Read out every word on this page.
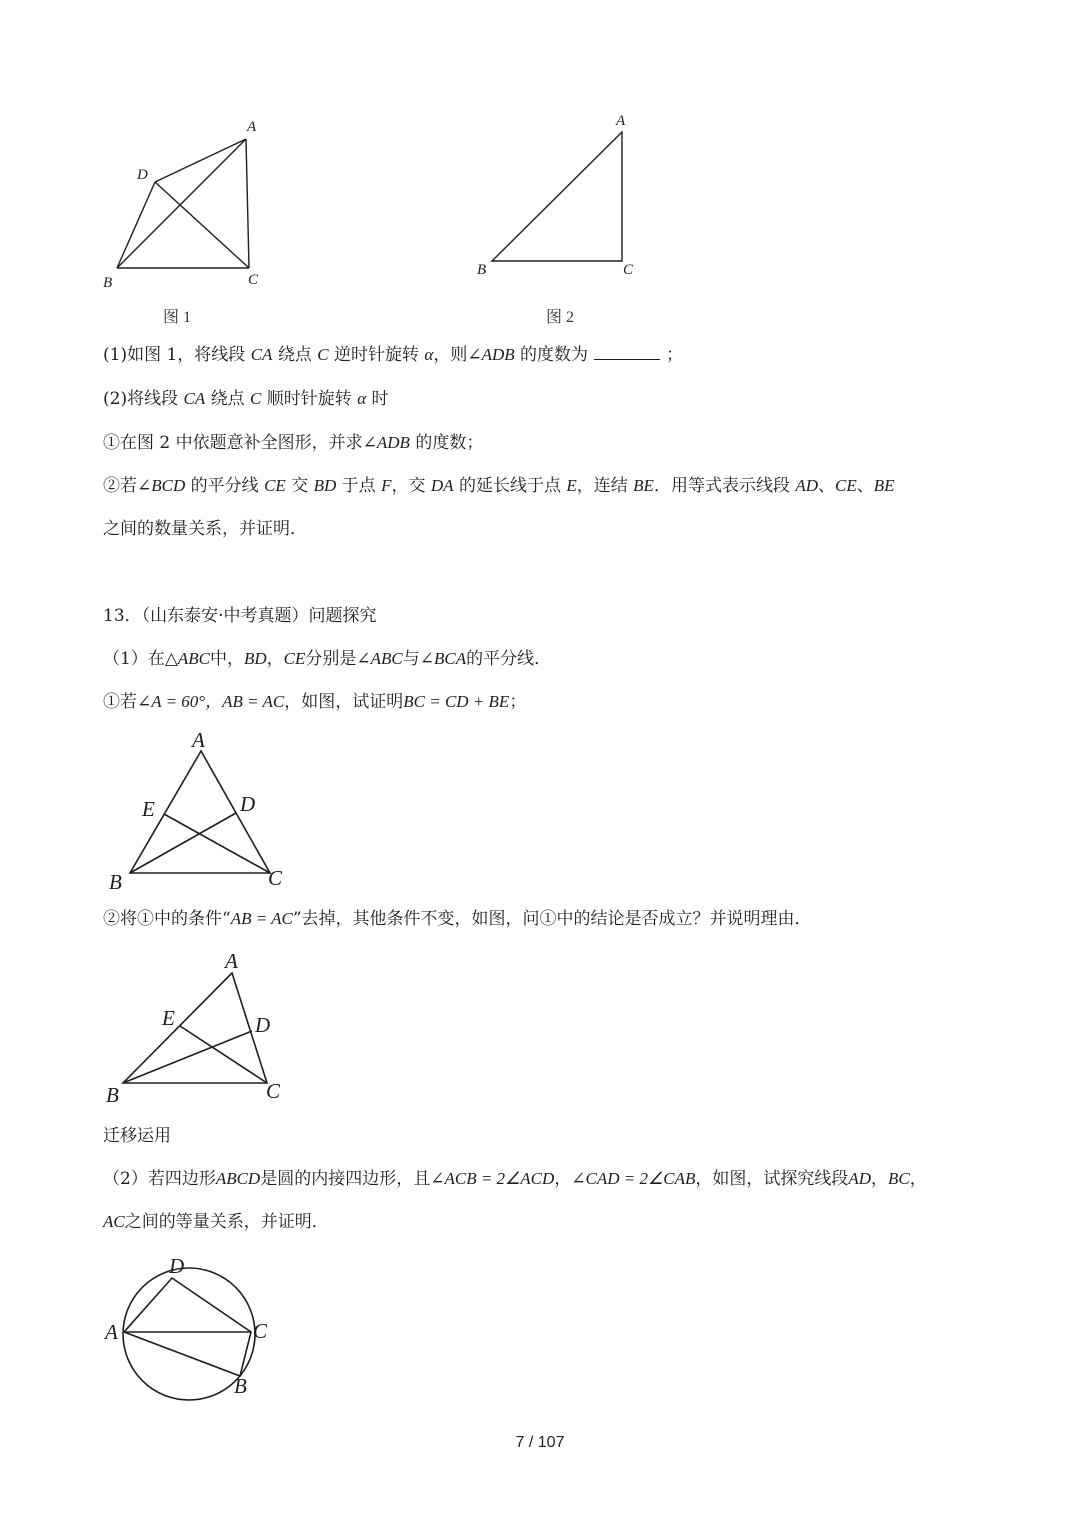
A
D
B	C
图 1
A
B	C
图 2
(1)如图 1，将线段 CA 绕点 C 逆时针旋转 α，则∠ADB 的度数为	；
(2)将线段 CA 绕点 C 顺时针旋转 α 时
①在图 2 中依题意补全图形，并求∠ADB 的度数；
②若∠BCD 的平分线 CE 交 BD 于点 F，交 DA 的延长线于点 E，连结 BE．用等式表示线段 AD、CE、BE
之间的数量关系，并证明．
13．（山东泰安·中考真题）问题探究
（1）在△ABC中，BD，CE分别是∠ABC与∠BCA的平分线．
①若∠A = 60°，AB = AC，如图，试证明BC = CD + BE；
A
E	D
B	C
②将①中的条件“AB = AC”去掉，其他条件不变，如图，问①中的结论是否成立？并说明理由．
A
E	D
B	C
迁移运用
（2）若四边形ABCD是圆的内接四边形，且∠ACB = 2∠ACD，∠CAD = 2∠CAB，如图，试探究线段AD，BC，
AC之间的等量关系，并证明．
D
A	C
B
7 / 107
